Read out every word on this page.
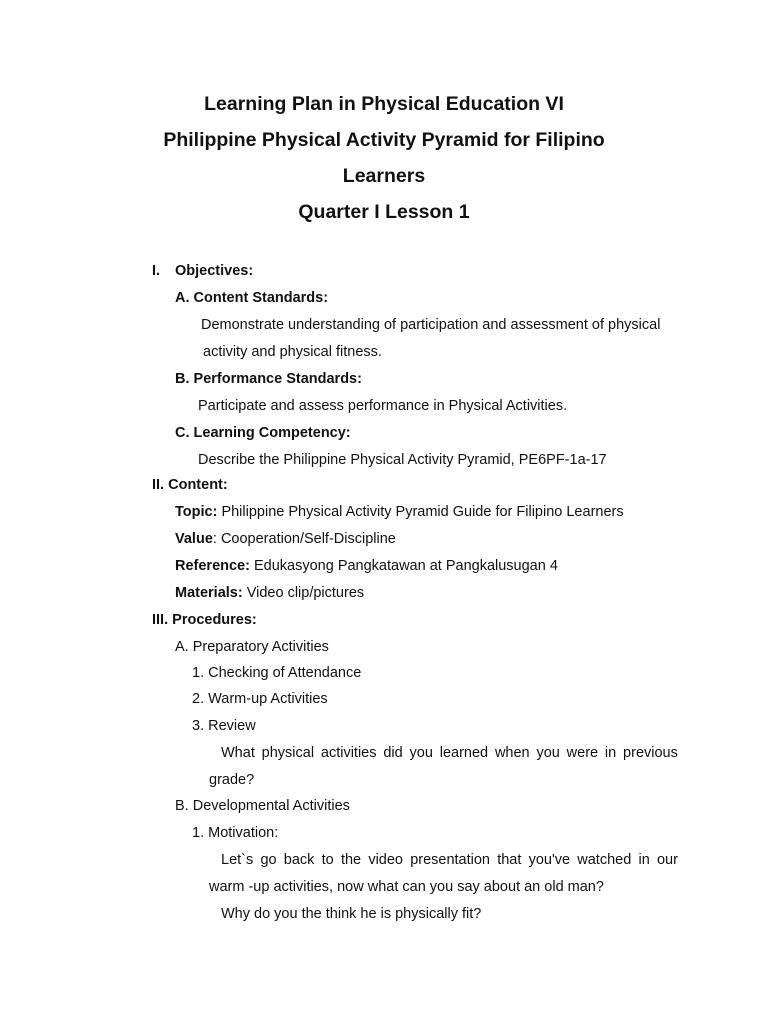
Learning Plan in Physical Education VI
Philippine Physical Activity Pyramid for Filipino
Learners
Quarter I Lesson 1
I. Objectives:
A. Content Standards:
Demonstrate understanding of participation and assessment of physical
activity and physical fitness.
B. Performance Standards:
Participate and assess performance in Physical Activities.
C. Learning Competency:
Describe the Philippine Physical Activity Pyramid, PE6PF-1a-17
II. Content:
Topic: Philippine Physical Activity Pyramid Guide for Filipino Learners
Value: Cooperation/Self-Discipline
Reference: Edukasyong Pangkatawan at Pangkalusugan 4
Materials: Video clip/pictures
III. Procedures:
A. Preparatory Activities
1. Checking of Attendance
2. Warm-up Activities
3. Review
What physical activities did you learned when you were in previous
grade?
B. Developmental Activities
1. Motivation:
Let`s go back to the video presentation that you've watched in our
warm -up activities, now what can you say about an old man?
Why do you the think he is physically fit?
